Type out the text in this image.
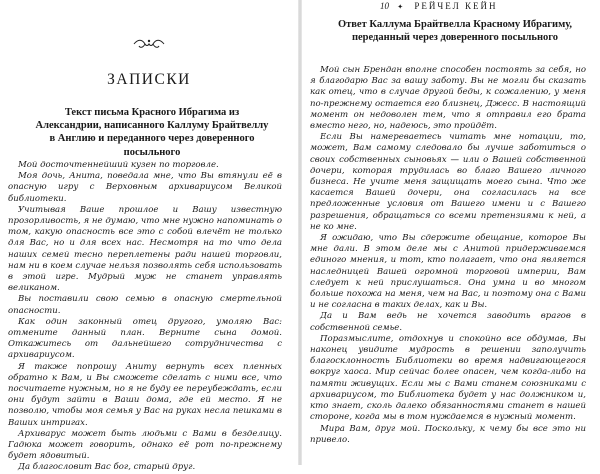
ЗАПИСКИ

Текст письма Красного Ибрагима из Александрии, написанного Каллуму Брайтвеллу в Англию и переданного через доверенного посыльного

Мой досточтеннейший кузен по торговле.

Моя дочь, Анита, поведала мне, что Вы втянули её в опасную игру с Верховным архивариусом Великой библиотеки.

Учитывая Ваше прошлое и Вашу известную прозорливость, я не думаю, что мне нужно напоминать о том, какую опасность все это с собой влечёт не только для Вас, но и для всех нас. Несмотря на то что дела наших семей тесно переплетены ради нашей торговли, нам ни в коем случае нельзя позволять себя использовать в этой игре. Мудрый муж не станет управлять великаном.

Вы поставили свою семью в опасную смертельной опасности.

Как один законный отец другого, умоляю Вас: отмените данный план. Верните сына домой. Откажитесь от дальнейшего сотрудничества с архивариусом.

Я также попрошу Аниту вернуть всех пленных обратно к Вам, и Вы сможете сделать с ними все, что посчитаете нужным, но я не буду ее переубеждать, если они будут зайти в Ваши дома, где ей место. Я не позволю, чтобы моя семья у Вас на руках несла пешками в Ваших интригах.

Архиварус может быть людьми с Вами в безделицу. Гадюка может говорить, однако её рот по-прежнему будет ядовитый.

Да благословит Вас бог, старый друг.

10 ✦ РЕЙЧЕЛ КЕЙН

Ответ Каллума Брайтвелла Красному Ибрагиму, переданный через доверенного посыльного

Мой сын Брендан вполне способен постоять за себя, но я благодарю Вас за вашу заботу. Вы не могли бы сказать как отец, что в случае другой беды, к сожалению, у меня по-прежнему остается его близнец, Джесс. В настоящий момент он недоволен тем, что я отправил его брата вместо него, но, надеюсь, это пройдёт.

Если Вы намереваетесь читать мне нотации, то, может, Вам самому следовало бы лучше заботиться о своих собственных сыновьях — или о Вашей собственной дочери, которая трудилась во благо Вашего личного бизнеса. Не учите меня защищать моего сына. Что же касается Вашей дочери, она согласилась на все предложенные условия от Вашего имени и с Вашего разрешения, обращаться со всеми претензиями к ней, а не ко мне.

Я ожидаю, что Вы сдержите обещание, которое Вы мне дали. В этом деле мы с Анитой придерживаемся единого мнения, и тот, кто полагает, что она является наследницей Вашей огромной торговой империи, Вам следует к ней прислушаться. Она умна и во многом больше похожа на меня, чем на Вас, и поэтому она с Вами и не согласна в таких делах, как и Вы.

Да и Вам ведь не хочется заводить врагов в собственной семье.

Поразмыслите, отдохнув и спокойно все обдумав, Вы наконец увидите мудрость в решении заполучить благосклонность Библиотеки во время надвигающегося вокруг хаоса. Мир сейчас более опасен, чем когда-либо на памяти живущих. Если мы с Вами станем союзниками с архивариусом, то Библиотека будет у нас должником и, кто знает, сколь далеко обязанностями станет в нашей стороне, когда мы в том нуждаемся в нужный момент.

Мира Вам, друг мой. Поскольку, к чему бы все это ни привело.
